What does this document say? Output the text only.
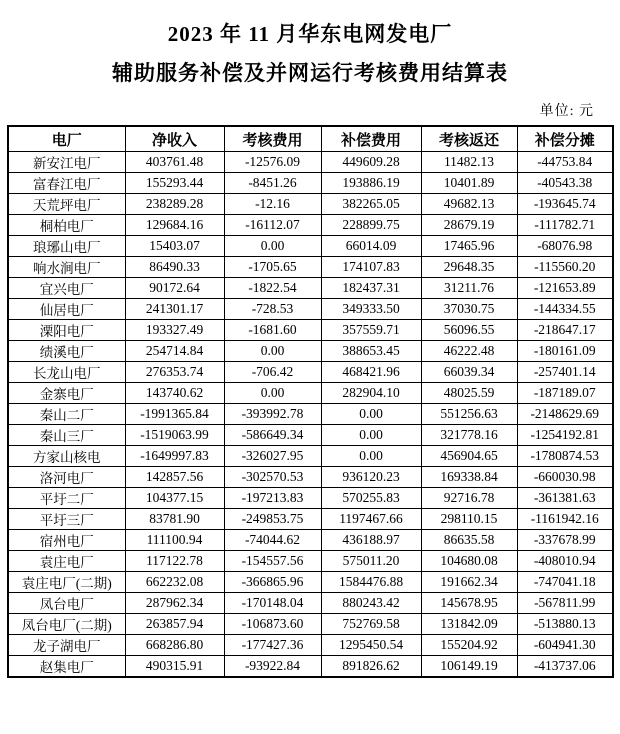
2023 年 11 月华东电网发电厂
辅助服务补偿及并网运行考核费用结算表
单位: 元
电厂	净收入	考核费用	补偿费用	考核返还	补偿分摊
新安江电厂	403761.48	-12576.09	449609.28	11482.13	-44753.84
富春江电厂	155293.44	-8451.26	193886.19	10401.89	-40543.38
天荒坪电厂	238289.28	-12.16	382265.05	49682.13	-193645.74
桐柏电厂	129684.16	-16112.07	228899.75	28679.19	-111782.71
琅琊山电厂	15403.07	0.00	66014.09	17465.96	-68076.98
响水涧电厂	86490.33	-1705.65	174107.83	29648.35	-115560.20
宜兴电厂	90172.64	-1822.54	182437.31	31211.76	-121653.89
仙居电厂	241301.17	-728.53	349333.50	37030.75	-144334.55
溧阳电厂	193327.49	-1681.60	357559.71	56096.55	-218647.17
绩溪电厂	254714.84	0.00	388653.45	46222.48	-180161.09
长龙山电厂	276353.74	-706.42	468421.96	66039.34	-257401.14
金寨电厂	143740.62	0.00	282904.10	48025.59	-187189.07
秦山二厂	-1991365.84	-393992.78	0.00	551256.63	-2148629.69
秦山三厂	-1519063.99	-586649.34	0.00	321778.16	-1254192.81
方家山核电	-1649997.83	-326027.95	0.00	456904.65	-1780874.53
洛河电厂	142857.56	-302570.53	936120.23	169338.84	-660030.98
平圩二厂	104377.15	-197213.83	570255.83	92716.78	-361381.63
平圩三厂	83781.90	-249853.75	1197467.66	298110.15	-1161942.16
宿州电厂	111100.94	-74044.62	436188.97	86635.58	-337678.99
袁庄电厂	117122.78	-154557.56	575011.20	104680.08	-408010.94
袁庄电厂(二期)	662232.08	-366865.96	1584476.88	191662.34	-747041.18
凤台电厂	287962.34	-170148.04	880243.42	145678.95	-567811.99
凤台电厂(二期)	263857.94	-106873.60	752769.58	131842.09	-513880.13
龙子湖电厂	668286.80	-177427.36	1295450.54	155204.92	-604941.30
赵集电厂	490315.91	-93922.84	891826.62	106149.19	-413737.06
